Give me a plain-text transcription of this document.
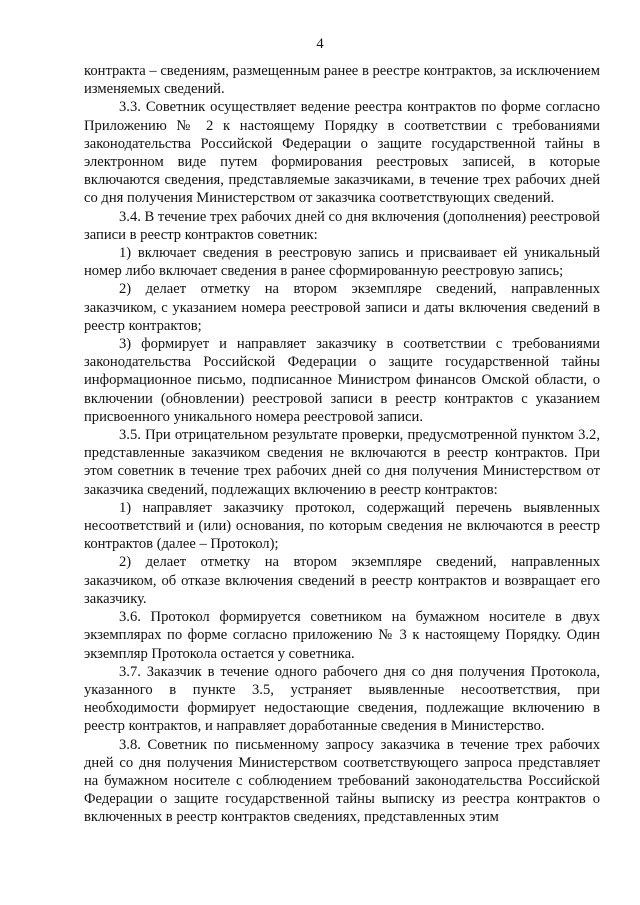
4

контракта – сведениям, размещенным ранее в реестре контрактов, за исключением изменяемых сведений.

3.3. Советник осуществляет ведение реестра контрактов по форме согласно Приложению № 2 к настоящему Порядку в соответствии с требованиями законодательства Российской Федерации о защите государственной тайны в электронном виде путем формирования реестровых записей, в которые включаются сведения, представляемые заказчиками, в течение трех рабочих дней со дня получения Министерством от заказчика соответствующих сведений.

3.4. В течение трех рабочих дней со дня включения (дополнения) реестровой записи в реестр контрактов советник:

1) включает сведения в реестровую запись и присваивает ей уникальный номер либо включает сведения в ранее сформированную реестровую запись;

2) делает отметку на втором экземпляре сведений, направленных заказчиком, с указанием номера реестровой записи и даты включения сведений в реестр контрактов;

3) формирует и направляет заказчику в соответствии с требованиями законодательства Российской Федерации о защите государственной тайны информационное письмо, подписанное Министром финансов Омской области, о включении (обновлении) реестровой записи в реестр контрактов с указанием присвоенного уникального номера реестровой записи.

3.5. При отрицательном результате проверки, предусмотренной пунктом 3.2, представленные заказчиком сведения не включаются в реестр контрактов. При этом советник в течение трех рабочих дней со дня получения Министерством от заказчика сведений, подлежащих включению в реестр контрактов:

1) направляет заказчику протокол, содержащий перечень выявленных несоответствий и (или) основания, по которым сведения не включаются в реестр контрактов (далее – Протокол);

2) делает отметку на втором экземпляре сведений, направленных заказчиком, об отказе включения сведений в реестр контрактов и возвращает его заказчику.

3.6. Протокол формируется советником на бумажном носителе в двух экземплярах по форме согласно приложению № 3 к настоящему Порядку. Один экземпляр Протокола остается у советника.

3.7. Заказчик в течение одного рабочего дня со дня получения Протокола, указанного в пункте 3.5, устраняет выявленные несоответствия, при необходимости формирует недостающие сведения, подлежащие включению в реестр контрактов, и направляет доработанные сведения в Министерство.

3.8. Советник по письменному запросу заказчика в течение трех рабочих дней со дня получения Министерством соответствующего запроса представляет на бумажном носителе с соблюдением требований законодательства Российской Федерации о защите государственной тайны выписку из реестра контрактов о включенных в реестр контрактов сведениях, представленных этим
